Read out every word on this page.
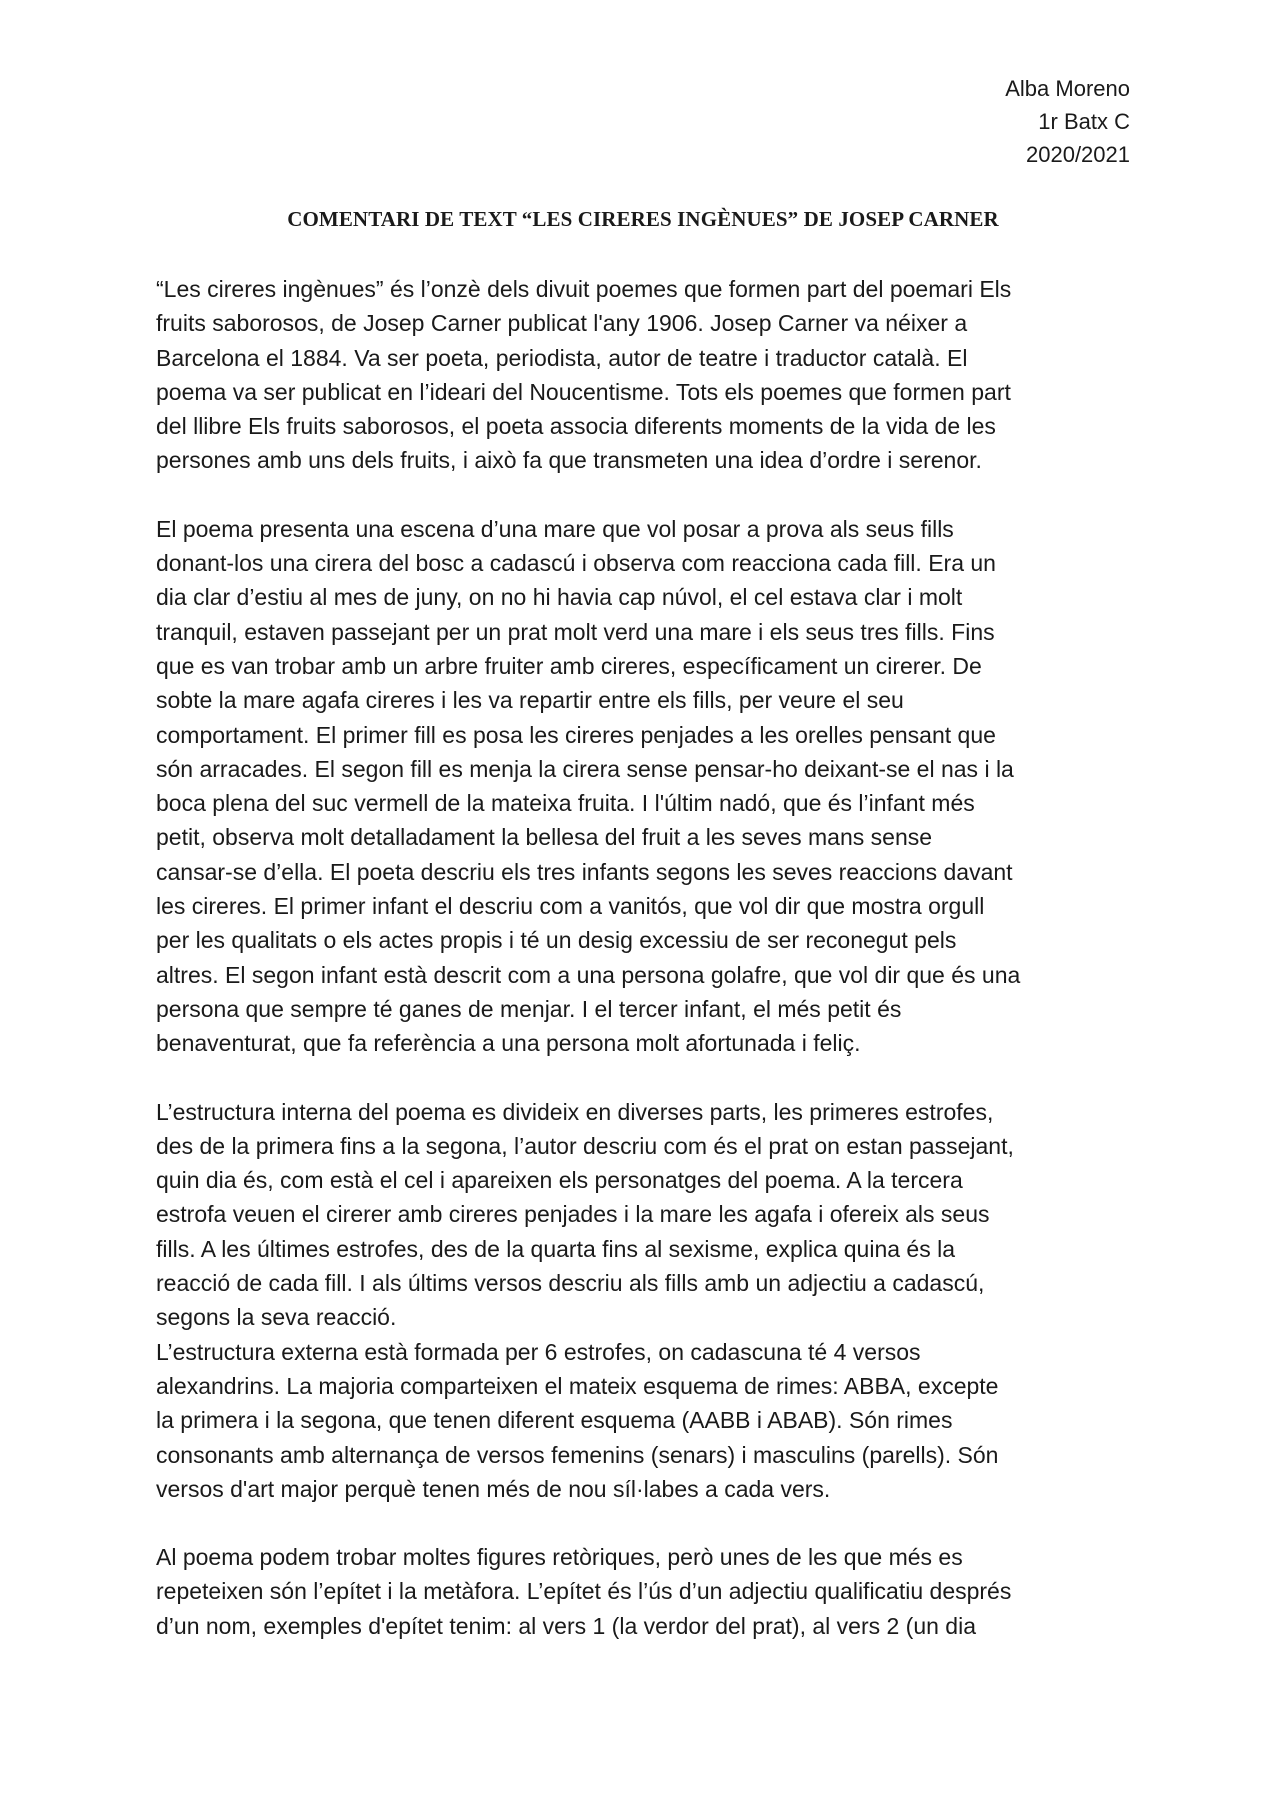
Alba Moreno
1r Batx C
2020/2021
COMENTARI DE TEXT “LES CIRERES INGÈNUES” DE JOSEP CARNER

“Les cireres ingènues” és l’onzè dels divuit poemes que formen part del poemari Els
fruits saborosos, de Josep Carner publicat l'any 1906. Josep Carner va néixer a
Barcelona el 1884. Va ser poeta, periodista, autor de teatre i traductor català. El
poema va ser publicat en l’ideari del Noucentisme. Tots els poemes que formen part
del llibre Els fruits saborosos, el poeta associa diferents moments de la vida de les
persones amb uns dels fruits, i això fa que transmeten una idea d’ordre i serenor.

El poema presenta una escena d’una mare que vol posar a prova als seus fills
donant-los una cirera del bosc a cadascú i observa com reacciona cada fill. Era un
dia clar d’estiu al mes de juny, on no hi havia cap núvol, el cel estava clar i molt
tranquil, estaven passejant per un prat molt verd una mare i els seus tres fills. Fins
que es van trobar amb un arbre fruiter amb cireres, específicament un cirerer. De
sobte la mare agafa cireres i les va repartir entre els fills, per veure el seu
comportament. El primer fill es posa les cireres penjades a les orelles pensant que
són arracades. El segon fill es menja la cirera sense pensar-ho deixant-se el nas i la
boca plena del suc vermell de la mateixa fruita. I l'últim nadó, que és l’infant més
petit, observa molt detalladament la bellesa del fruit a les seves mans sense
cansar-se d’ella. El poeta descriu els tres infants segons les seves reaccions davant
les cireres. El primer infant el descriu com a vanitós, que vol dir que mostra orgull
per les qualitats o els actes propis i té un desig excessiu de ser reconegut pels
altres. El segon infant està descrit com a una persona golafre, que vol dir que és una
persona que sempre té ganes de menjar. I el tercer infant, el més petit és
benaventurat, que fa referència a una persona molt afortunada i feliç.

L’estructura interna del poema es divideix en diverses parts, les primeres estrofes,
des de la primera fins a la segona, l’autor descriu com és el prat on estan passejant,
quin dia és, com està el cel i apareixen els personatges del poema. A la tercera
estrofa veuen el cirerer amb cireres penjades i la mare les agafa i ofereix als seus
fills. A les últimes estrofes, des de la quarta fins al sexisme, explica quina és la
reacció de cada fill. I als últims versos descriu als fills amb un adjectiu a cadascú,
segons la seva reacció.

L’estructura externa està formada per 6 estrofes, on cadascuna té 4 versos
alexandrins. La majoria comparteixen el mateix esquema de rimes: ABBA, excepte
la primera i la segona, que tenen diferent esquema (AABB i ABAB). Són rimes
consonants amb alternança de versos femenins (senars) i masculins (parells). Són
versos d'art major perquè tenen més de nou síl·labes a cada vers.

Al poema podem trobar moltes figures retòriques, però unes de les que més es
repeteixen són l’epítet i la metàfora. L’epítet és l’ús d’un adjectiu qualificatiu després
d’un nom, exemples d'epítet tenim: al vers 1 (la verdor del prat), al vers 2 (un dia
